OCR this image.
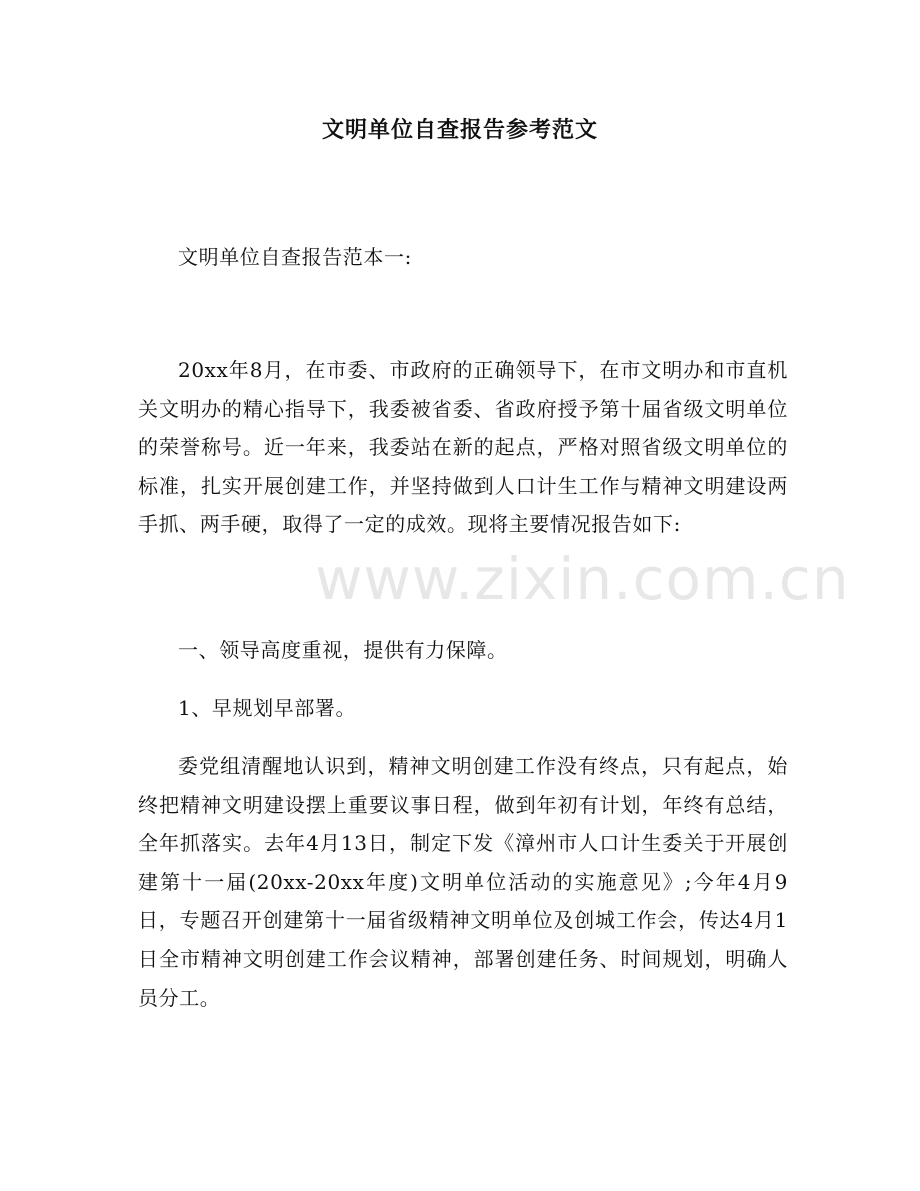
文明单位自查报告参考范文

文明单位自查报告范本一:

20xx年8月，在市委、市政府的正确领导下，在市文明办和市直机关文明办的精心指导下，我委被省委、省政府授予第十届省级文明单位的荣誉称号。近一年来，我委站在新的起点，严格对照省级文明单位的标准，扎实开展创建工作，并坚持做到人口计生工作与精神文明建设两手抓、两手硬，取得了一定的成效。现将主要情况报告如下:

一、领导高度重视，提供有力保障。

1、早规划早部署。

委党组清醒地认识到，精神文明创建工作没有终点，只有起点，始终把精神文明建设摆上重要议事日程，做到年初有计划，年终有总结，全年抓落实。去年4月13日，制定下发《漳州市人口计生委关于开展创建第十一届(20xx-20xx年度)文明单位活动的实施意见》;今年4月9日，专题召开创建第十一届省级精神文明单位及创城工作会，传达4月1日全市精神文明创建工作会议精神，部署创建任务、时间规划，明确人员分工。

www.zixin.com.cn
